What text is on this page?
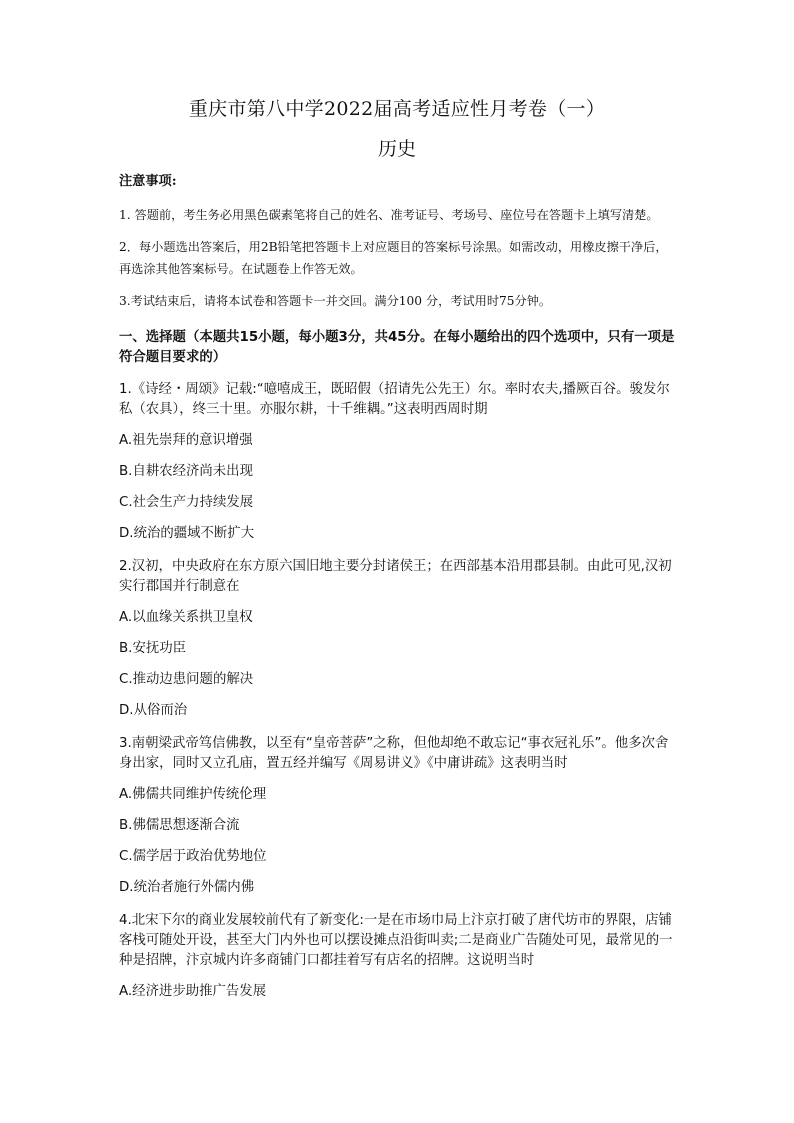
重庆市第八中学2022届高考适应性月考卷（一）
历史
注意事项:

1. 答题前，考生务必用黑色碳素笔将自己的姓名、准考证号、考场号、座位号在答题卡上填写清楚。

2．每小题选出答案后，用2B铅笔把答题卡上对应题目的答案标号涂黑。如需改动，用橡皮擦干净后，再选涂其他答案标号。在试题卷上作答无效。

3.考试结束后，请将本试卷和答题卡一并交回。满分100 分，考试用时75分钟。

一、选择题（本题共15小题，每小题3分，共45分。在每小题给出的四个选项中，只有一项是符合题目要求的）

1.《诗经・周颂》记载:“噫嘻成王，既昭假（招请先公先王）尔。率时农夫,播厥百谷。骏发尔私（农具），终三十里。亦服尔耕，十千维耦。”这表明西周时期

A.祖先崇拜的意识增强
B.自耕农经济尚未出现
C.社会生产力持续发展
D.统治的疆域不断扩大

2.汉初，中央政府在东方原六国旧地主要分封诸侯王；在西部基本沿用郡县制。由此可见,汉初实行郡国并行制意在

A.以血缘关系拱卫皇权
B.安抚功臣
C.推动边患问题的解决
D.从俗而治

3.南朝梁武帝笃信佛教，以至有“皇帝菩萨”之称，但他却绝不敢忘记“事衣冠礼乐”。他多次舍身出家，同时又立孔庙，置五经并编写《周易讲义》《中庸讲疏》这表明当时

A.佛儒共同维护传统伦理
B.佛儒思想逐渐合流
C.儒学居于政治优势地位
D.统治者施行外儒内佛

4.北宋下尔的商业发展较前代有了新变化:一是在市场巾局上汴京打破了唐代坊市的界限，店铺客栈可随处开设，甚至大门内外也可以摆设摊点沿街叫卖;二是商业广告随处可见，最常见的一种是招牌，汴京城内许多商铺门口都挂着写有店名的招牌。这说明当时

A.经济进步助推广告发展
